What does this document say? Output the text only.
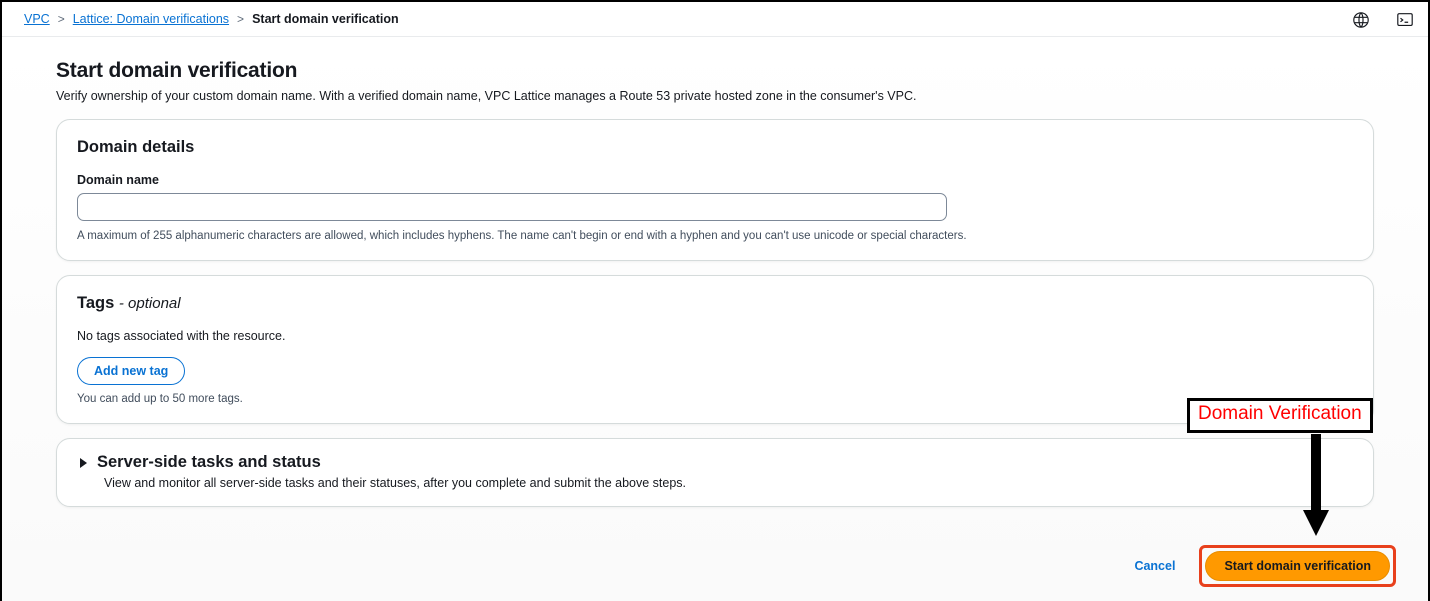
VPC > Lattice: Domain verifications > Start domain verification
Start domain verification
Verify ownership of your custom domain name. With a verified domain name, VPC Lattice manages a Route 53 private hosted zone in the consumer's VPC.
Domain details
Domain name
A maximum of 255 alphanumeric characters are allowed, which includes hyphens. The name can't begin or end with a hyphen and you can't use unicode or special characters.
Tags - optional

No tags associated with the resource.

Add new tag
You can add up to 50 more tags.
Server-side tasks and status
View and monitor all server-side tasks and their statuses, after you complete and submit the above steps.
Cancel	Start domain verification
Domain Verification
